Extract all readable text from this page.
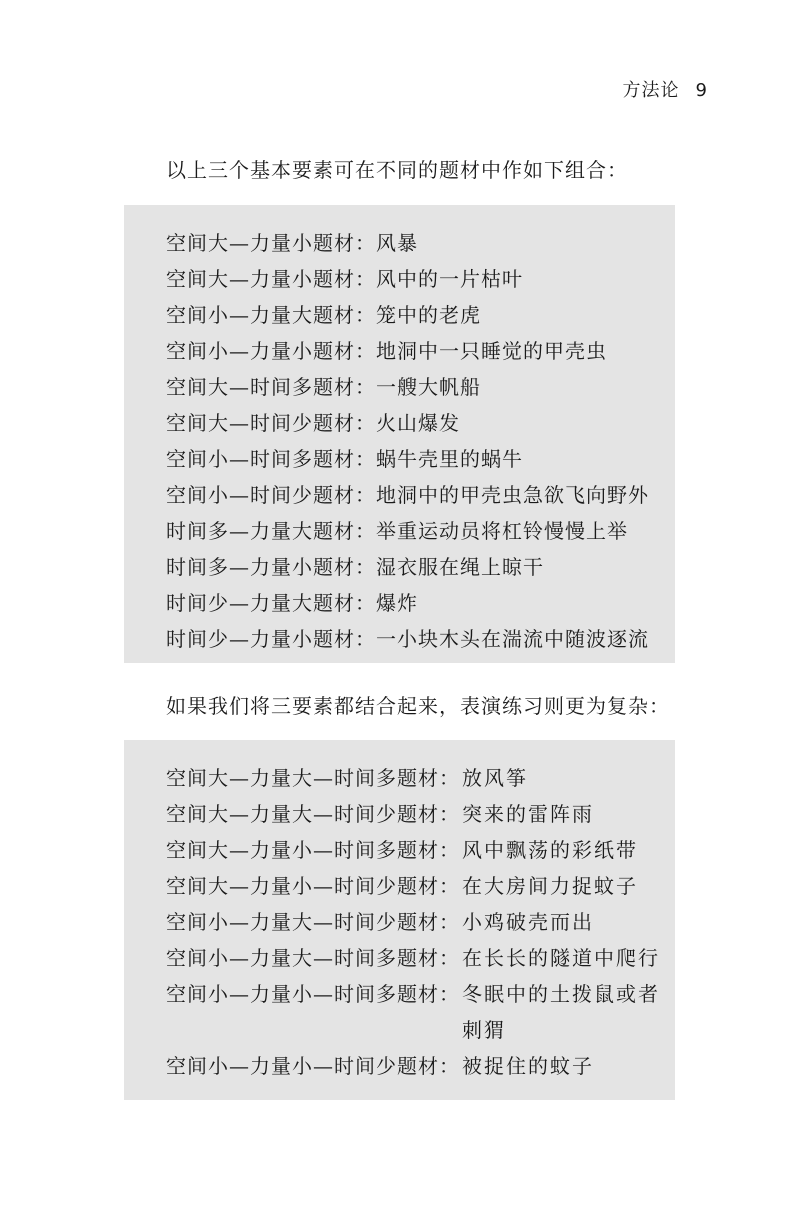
方法论 9
以上三个基本要素可在不同的题材中作如下组合：
空间大—力量小题材： 风暴
空间大—力量小题材： 风中的一片枯叶
空间小—力量大题材： 笼中的老虎
空间小—力量小题材： 地洞中一只睡觉的甲壳虫
空间大—时间多题材： 一艘大帆船
空间大—时间少题材： 火山爆发
空间小—时间多题材： 蜗牛壳里的蜗牛
空间小—时间少题材： 地洞中的甲壳虫急欲飞向野外
时间多—力量大题材： 举重运动员将杠铃慢慢上举
时间多—力量小题材： 湿衣服在绳上晾干
时间少—力量大题材： 爆炸
时间少—力量小题材： 一小块木头在湍流中随波逐流
如果我们将三要素都结合起来，表演练习则更为复杂：
空间大—力量大—时间多题材： 放风筝
空间大—力量大—时间少题材： 突来的雷阵雨
空间大—力量小—时间多题材： 风中飘荡的彩纸带
空间大—力量小—时间少题材： 在大房间力捉蚊子
空间小—力量大—时间少题材： 小鸡破壳而出
空间小—力量大—时间多题材： 在长长的隧道中爬行
空间小—力量小—时间多题材： 冬眠中的土拨鼠或者刺猬
空间小—力量小—时间少题材： 被捉住的蚊子
